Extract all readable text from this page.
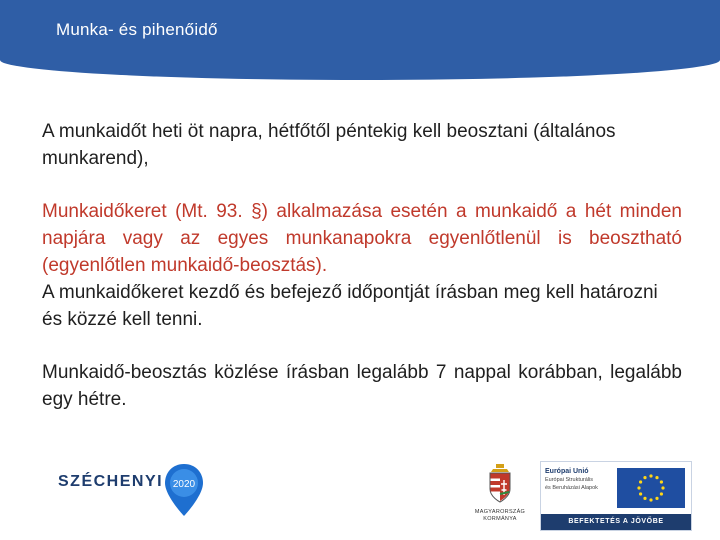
Munka- és pihenőidő

A munkaidőt heti öt napra, hétfőtől péntekig kell beosztani (általános munkarend),

Munkaidőkeret (Mt. 93. §) alkalmazása esetén a munkaidő a hét minden napjára vagy az egyes munkanapokra egyenlőtlenül is beosztható (egyenlőtlen munkaidő-beosztás).

A munkaidőkeret kezdő és befejező időpontját írásban meg kell határozni és közzé kell tenni.

Munkaidő-beosztás közlése írásban legalább 7 nappal korábban, legalább egy hétre.

SZÉCHENYI 2020
MAGYARORSZÁG
KORMÁNYA
Európai Unió
Európai Strukturális
és Beruházási Alapok
BEFEKTETÉS A JÖVŐBE
